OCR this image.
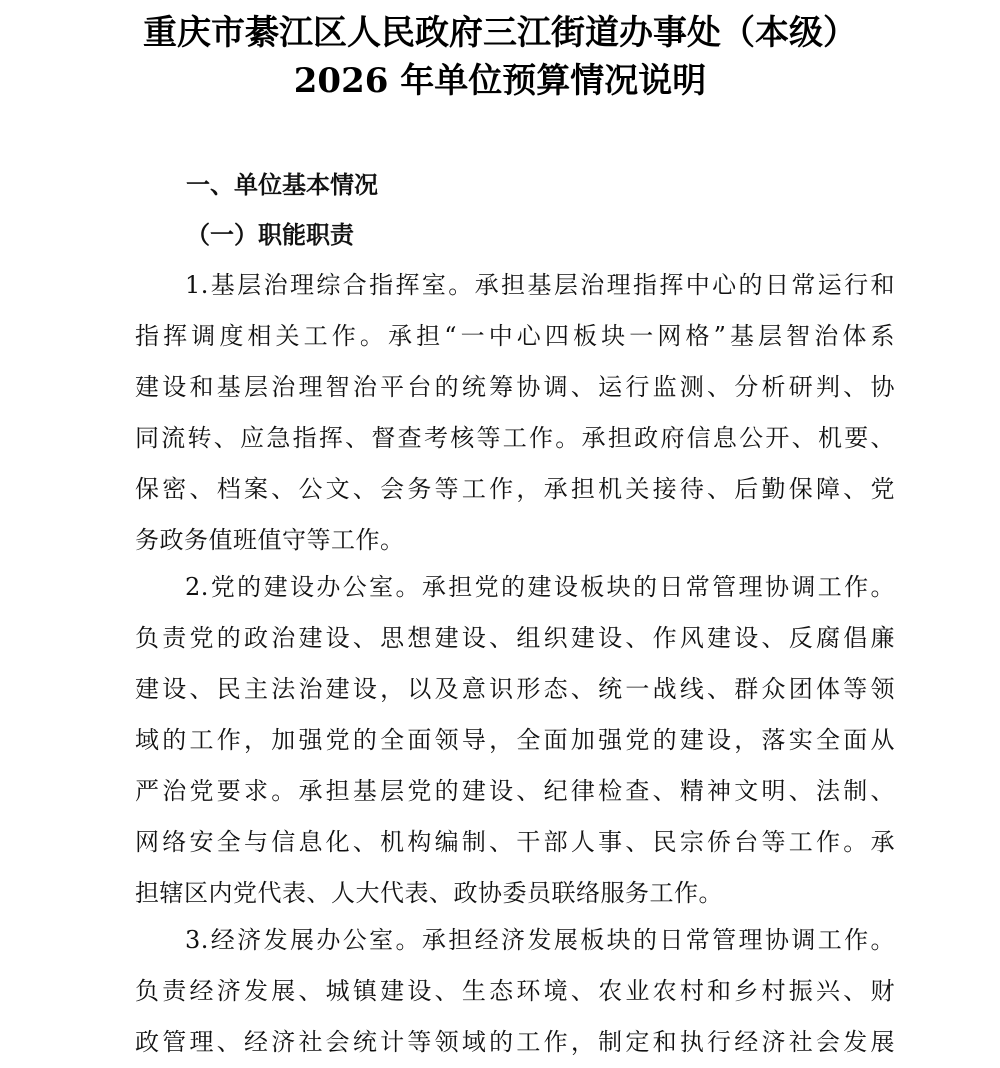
重庆市綦江区人民政府三江街道办事处（本级）
2026 年单位预算情况说明
一、单位基本情况
（一）职能职责
1.基层治理综合指挥室。承担基层治理指挥中心的日常运行和
指挥调度相关工作。承担“一中心四板块一网格”基层智治体系
建设和基层治理智治平台的统筹协调、运行监测、分析研判、协
同流转、应急指挥、督查考核等工作。承担政府信息公开、机要、
保密、档案、公文、会务等工作，承担机关接待、后勤保障、党
务政务值班值守等工作。
2.党的建设办公室。承担党的建设板块的日常管理协调工作。
负责党的政治建设、思想建设、组织建设、作风建设、反腐倡廉
建设、民主法治建设，以及意识形态、统一战线、群众团体等领
域的工作，加强党的全面领导，全面加强党的建设，落实全面从
严治党要求。承担基层党的建设、纪律检查、精神文明、法制、
网络安全与信息化、机构编制、干部人事、民宗侨台等工作。承
担辖区内党代表、人大代表、政协委员联络服务工作。
3.经济发展办公室。承担经济发展板块的日常管理协调工作。
负责经济发展、城镇建设、生态环境、农业农村和乡村振兴、财
政管理、经济社会统计等领域的工作，制定和执行经济社会发展
